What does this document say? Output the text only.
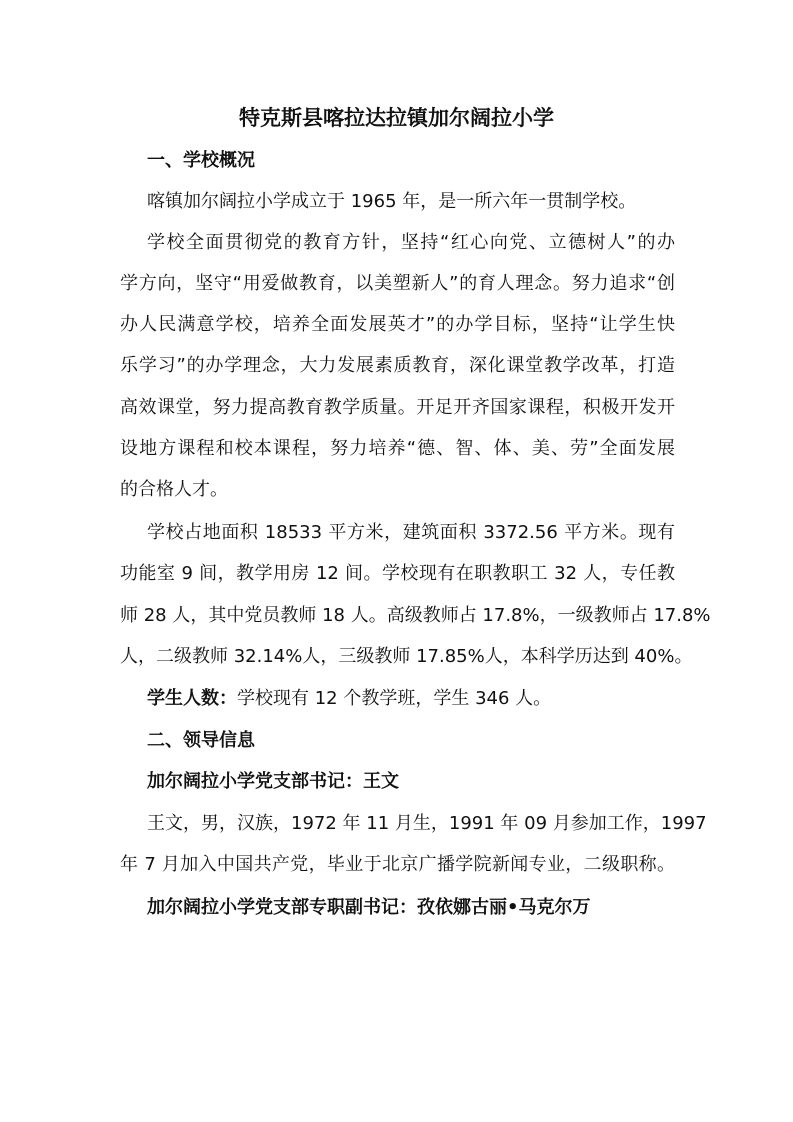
特克斯县喀拉达拉镇加尔阔拉小学
一、学校概况
喀镇加尔阔拉小学成立于 1965 年，是一所六年一贯制学校。
学校全面贯彻党的教育方针，坚持“红心向党、立德树人”的办
学方向，坚守“用爱做教育，以美塑新人”的育人理念。努力追求“创
办人民满意学校，培养全面发展英才”的办学目标，坚持“让学生快
乐学习”的办学理念，大力发展素质教育，深化课堂教学改革，打造
高效课堂，努力提高教育教学质量。开足开齐国家课程，积极开发开
设地方课程和校本课程，努力培养“德、智、体、美、劳”全面发展
的合格人才。
学校占地面积 18533 平方米，建筑面积 3372.56 平方米。现有
功能室 9 间，教学用房 12 间。学校现有在职教职工 32 人，专任教
师 28 人，其中党员教师 18 人。高级教师占 17.8%，一级教师占 17.8%
人，二级教师 32.14%人，三级教师 17.85%人，本科学历达到 40%。
学生人数：学校现有 12 个教学班，学生 346 人。
二、领导信息
加尔阔拉小学党支部书记：王文
王文，男，汉族，1972 年 11 月生，1991 年 09 月参加工作，1997
年 7 月加入中国共产党，毕业于北京广播学院新闻专业，二级职称。
加尔阔拉小学党支部专职副书记：孜依娜古丽•马克尔万
